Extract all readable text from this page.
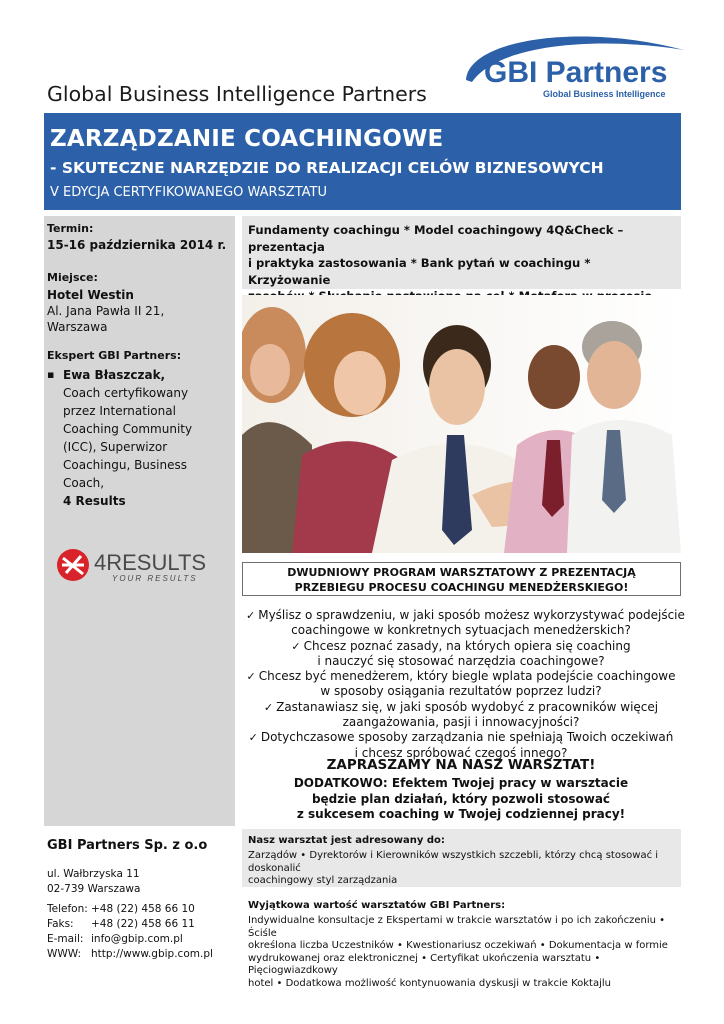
GBI Partners
Global Business Intelligence
Global Business Intelligence Partners
ZARZĄDZANIE COACHINGOWE
- SKUTECZNE NARZĘDZIE DO REALIZACJI CELÓW BIZNESOWYCH
V EDYCJA CERTYFIKOWANEGO WARSZTATU
Termin:
15-16 października 2014 r.
Miejsce:
Hotel Westin
Al. Jana Pawła II 21,
Warszawa
Ekspert GBI Partners:
▪ Ewa Błaszczak,
Coach certyfikowany
przez International
Coaching Community
(ICC), Superwizor
Coachingu, Business
Coach,
4 Results
4RESULTS
YOUR RESULTS
Fundamenty coachingu * Model coachingowy 4Q&Check – prezentacja
i praktyka zastosowania * Bank pytań w coachingu * Krzyżowanie
DWUDNIOWY PROGRAM WARSZTATOWY Z PREZENTACJĄ
PRZEBIEGU PROCESU COACHINGU MENEDŻERSKIEGO!
✓ Myślisz o sprawdzeniu, w jaki sposób możesz wykorzystywać podejście
coachingowe w konkretnych sytuacjach menedżerskich?
✓ Chcesz poznać zasady, na których opiera się coaching
i nauczyć się stosować narzędzia coachingowe?
✓ Chcesz być menedżerem, który biegle wplata podejście coachingowe
w sposoby osiągania rezultatów poprzez ludzi?
✓ Zastanawiasz się, w jaki sposób wydobyć z pracowników więcej
zaangażowania, pasji i innowacyjności?
✓ Dotychczasowe sposoby zarządzania nie spełniają Twoich oczekiwań
i chcesz spróbować czegoś innego?
ZAPRASZAMY NA NASZ WARSZTAT!
DODATKOWO: Efektem Twojej pracy w warsztacie
będzie plan działań, który pozwoli stosować
z sukcesem coaching w Twojej codziennej pracy!
GBI Partners Sp. z o.o
ul. Wałbrzyska 11
02-739 Warszawa
Telefon: +48 (22) 458 66 10
Faks: +48 (22) 458 66 11
E-mail: info@gbip.com.pl
WWW: http://www.gbip.com.pl
Nasz warsztat jest adresowany do:
Zarządów • Dyrektorów i Kierowników wszystkich szczebli, którzy chcą stosować i doskonalić
coachingowy styl zarządzania
Wyjątkowa wartość warsztatów GBI Partners:
Indywidualne konsultacje z Ekspertami w trakcie warsztatów i po ich zakończeniu • Ściśle
określona liczba Uczestników • Kwestionariusz oczekiwań • Dokumentacja w formie
wydrukowanej oraz elektronicznej • Certyfikat ukończenia warsztatu • Pięciogwiazdkowy
hotel • Dodatkowa możliwość kontynuowania dyskusji w trakcie Koktajlu
